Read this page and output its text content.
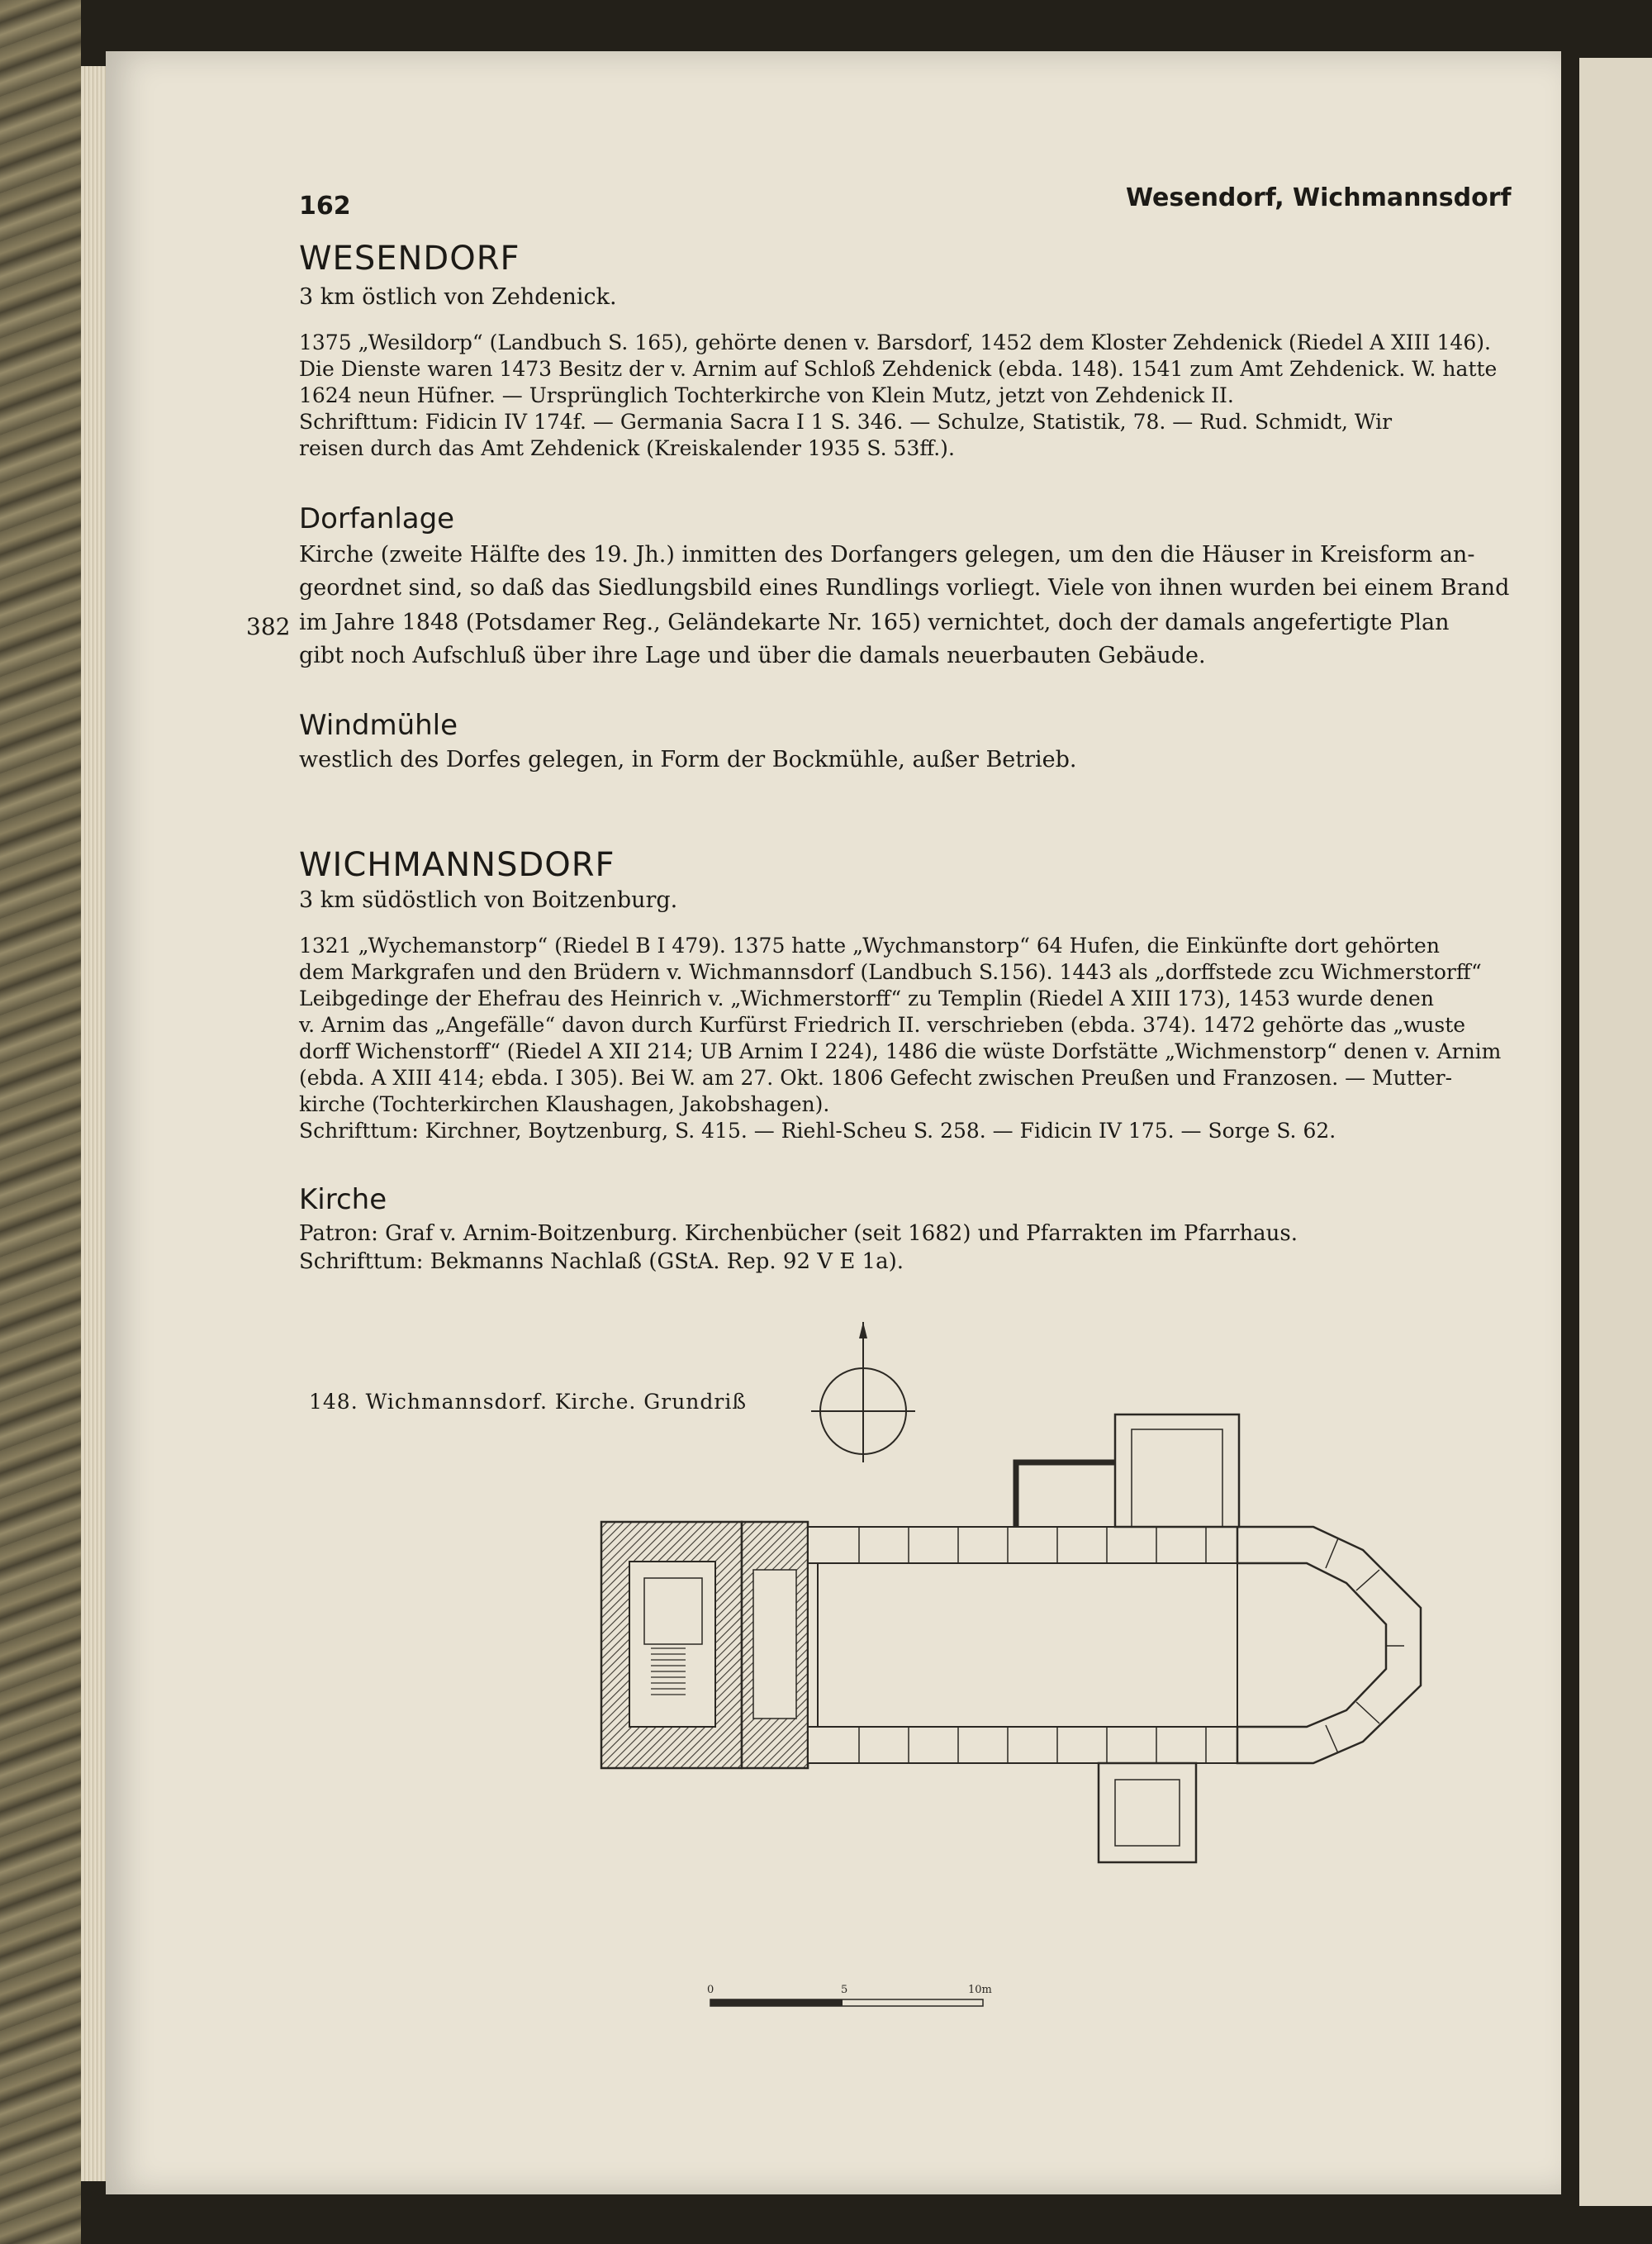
162	Wesendorf, Wichmannsdorf
WESENDORF
3 km östlich von Zehdenick.
1375 „Wesildorp“ (Landbuch S. 165), gehörte denen v. Barsdorf, 1452 dem Kloster Zehdenick (Riedel A XIII 146).
Die Dienste waren 1473 Besitz der v. Arnim auf Schloß Zehdenick (ebda. 148). 1541 zum Amt Zehdenick. W. hatte
1624 neun Hüfner. — Ursprünglich Tochterkirche von Klein Mutz, jetzt von Zehdenick II.
Schrifttum: Fidicin IV 174f. — Germania Sacra I 1 S. 346. — Schulze, Statistik, 78. — Rud. Schmidt, Wir
reisen durch das Amt Zehdenick (Kreiskalender 1935 S. 53ff.).
Dorfanlage
Kirche (zweite Hälfte des 19. Jh.) inmitten des Dorfangers gelegen, um den die Häuser in Kreisform an-
geordnet sind, so daß das Siedlungsbild eines Rundlings vorliegt. Viele von ihnen wurden bei einem Brand
382 im Jahre 1848 (Potsdamer Reg., Geländekarte Nr. 165) vernichtet, doch der damals angefertigte Plan
gibt noch Aufschluß über ihre Lage und über die damals neuerbauten Gebäude.
Windmühle
westlich des Dorfes gelegen, in Form der Bockmühle, außer Betrieb.
WICHMANNSDORF
3 km südöstlich von Boitzenburg.
1321 „Wychemanstorp“ (Riedel B I 479). 1375 hatte „Wychmanstorp“ 64 Hufen, die Einkünfte dort gehörten
dem Markgrafen und den Brüdern v. Wichmannsdorf (Landbuch S.156). 1443 als „dorffstede zcu Wichmerstorff“
Leibgedinge der Ehefrau des Heinrich v. „Wichmerstorff“ zu Templin (Riedel A XIII 173), 1453 wurde denen
v. Arnim das „Angefälle“ davon durch Kurfürst Friedrich II. verschrieben (ebda. 374). 1472 gehörte das „wuste
dorff Wichenstorff“ (Riedel A XII 214; UB Arnim I 224), 1486 die wüste Dorfstätte „Wichmenstorp“ denen v. Arnim
(ebda. A XIII 414; ebda. I 305). Bei W. am 27. Okt. 1806 Gefecht zwischen Preußen und Franzosen. — Mutter-
kirche (Tochterkirchen Klaushagen, Jakobshagen).
Schrifttum: Kirchner, Boytzenburg, S. 415. — Riehl-Scheu S. 258. — Fidicin IV 175. — Sorge S. 62.
Kirche
Patron: Graf v. Arnim-Boitzenburg. Kirchenbücher (seit 1682) und Pfarrakten im Pfarrhaus.
Schrifttum: Bekmanns Nachlaß (GStA. Rep. 92 V E 1a).
148. Wichmannsdorf. Kirche. Grundriß
0	5	10m
